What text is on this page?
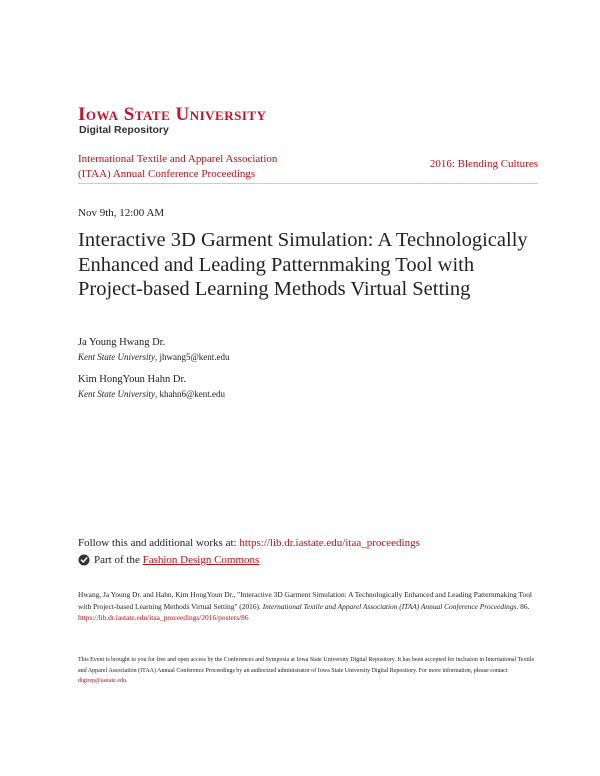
Iowa State University
Digital Repository
International Textile and Apparel Association
(ITAA) Annual Conference Proceedings
2016: Blending Cultures
Nov 9th, 12:00 AM
Interactive 3D Garment Simulation: A Technologically Enhanced and Leading Patternmaking Tool with Project-based Learning Methods Virtual Setting
Ja Young Hwang Dr.
Kent State University, jhwang5@kent.edu
Kim HongYoun Hahn Dr.
Kent State University, khahn6@kent.edu
Follow this and additional works at: https://lib.dr.iastate.edu/itaa_proceedings
Part of the Fashion Design Commons
Hwang, Ja Young Dr. and Hahn, Kim HongYoun Dr., "Interactive 3D Garment Simulation: A Technologically Enhanced and Leading Patternmaking Tool with Project-based Learning Methods Virtual Setting" (2016). International Textile and Apparel Association (ITAA) Annual Conference Proceedings. 86.
https://lib.dr.iastate.edu/itaa_proceedings/2016/posters/86
This Event is brought to you for free and open access by the Conferences and Symposia at Iowa State University Digital Repository. It has been accepted for inclusion in International Textile and Apparel Association (ITAA) Annual Conference Proceedings by an authorized administrator of Iowa State University Digital Repository. For more information, please contact digirep@iastate.edu.
